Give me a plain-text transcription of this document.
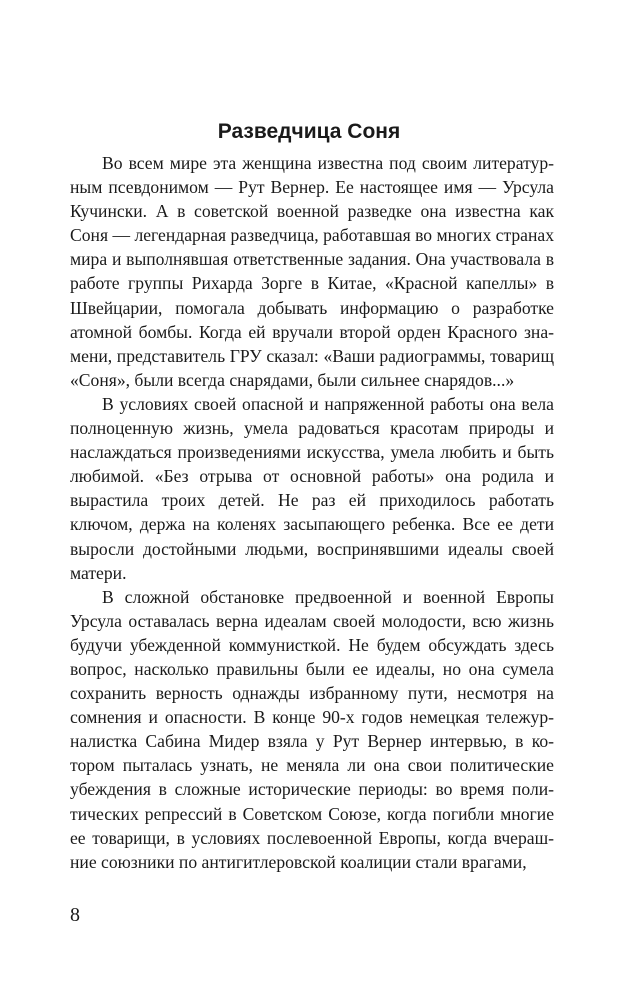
Разведчица Соня

Во всем мире эта женщина известна под своим литературным псевдонимом — Рут Вернер. Ее настоящее имя — Урсула Кучински. А в советской военной разведке она известна как Соня — легендарная разведчица, работавшая во многих странах мира и выполнявшая ответственные задания. Она участвовала в работе группы Рихарда Зорге в Китае, «Красной капеллы» в Швейцарии, помогала добывать информацию о разработке атомной бомбы. Когда ей вручали второй орден Красного знамени, представитель ГРУ сказал: «Ваши радиограммы, товарищ «Соня», были всегда снарядами, были сильнее снарядов...»

В условиях своей опасной и напряженной работы она вела полноценную жизнь, умела радоваться красотам природы и наслаждаться произведениями искусства, умела любить и быть любимой. «Без отрыва от основной работы» она родила и вырастила троих детей. Не раз ей приходилось работать ключом, держа на коленях засыпающего ребенка. Все ее дети выросли достойными людьми, воспринявшими идеалы своей матери.

В сложной обстановке предвоенной и военной Европы Урсула оставалась верна идеалам своей молодости, всю жизнь будучи убежденной коммунисткой. Не будем обсуждать здесь вопрос, насколько правильны были ее идеалы, но она сумела сохранить верность однажды избранному пути, несмотря на сомнения и опасности. В конце 90-х годов немецкая тележурналистка Сабина Мидер взяла у Рут Вернер интервью, в котором пыталась узнать, не меняла ли она свои политические убеждения в сложные исторические периоды: во время политических репрессий в Советском Союзе, когда погибли многие ее товарищи, в условиях послевоенной Европы, когда вчерашние союзники по антигитлеровской коалиции стали врагами,

8
